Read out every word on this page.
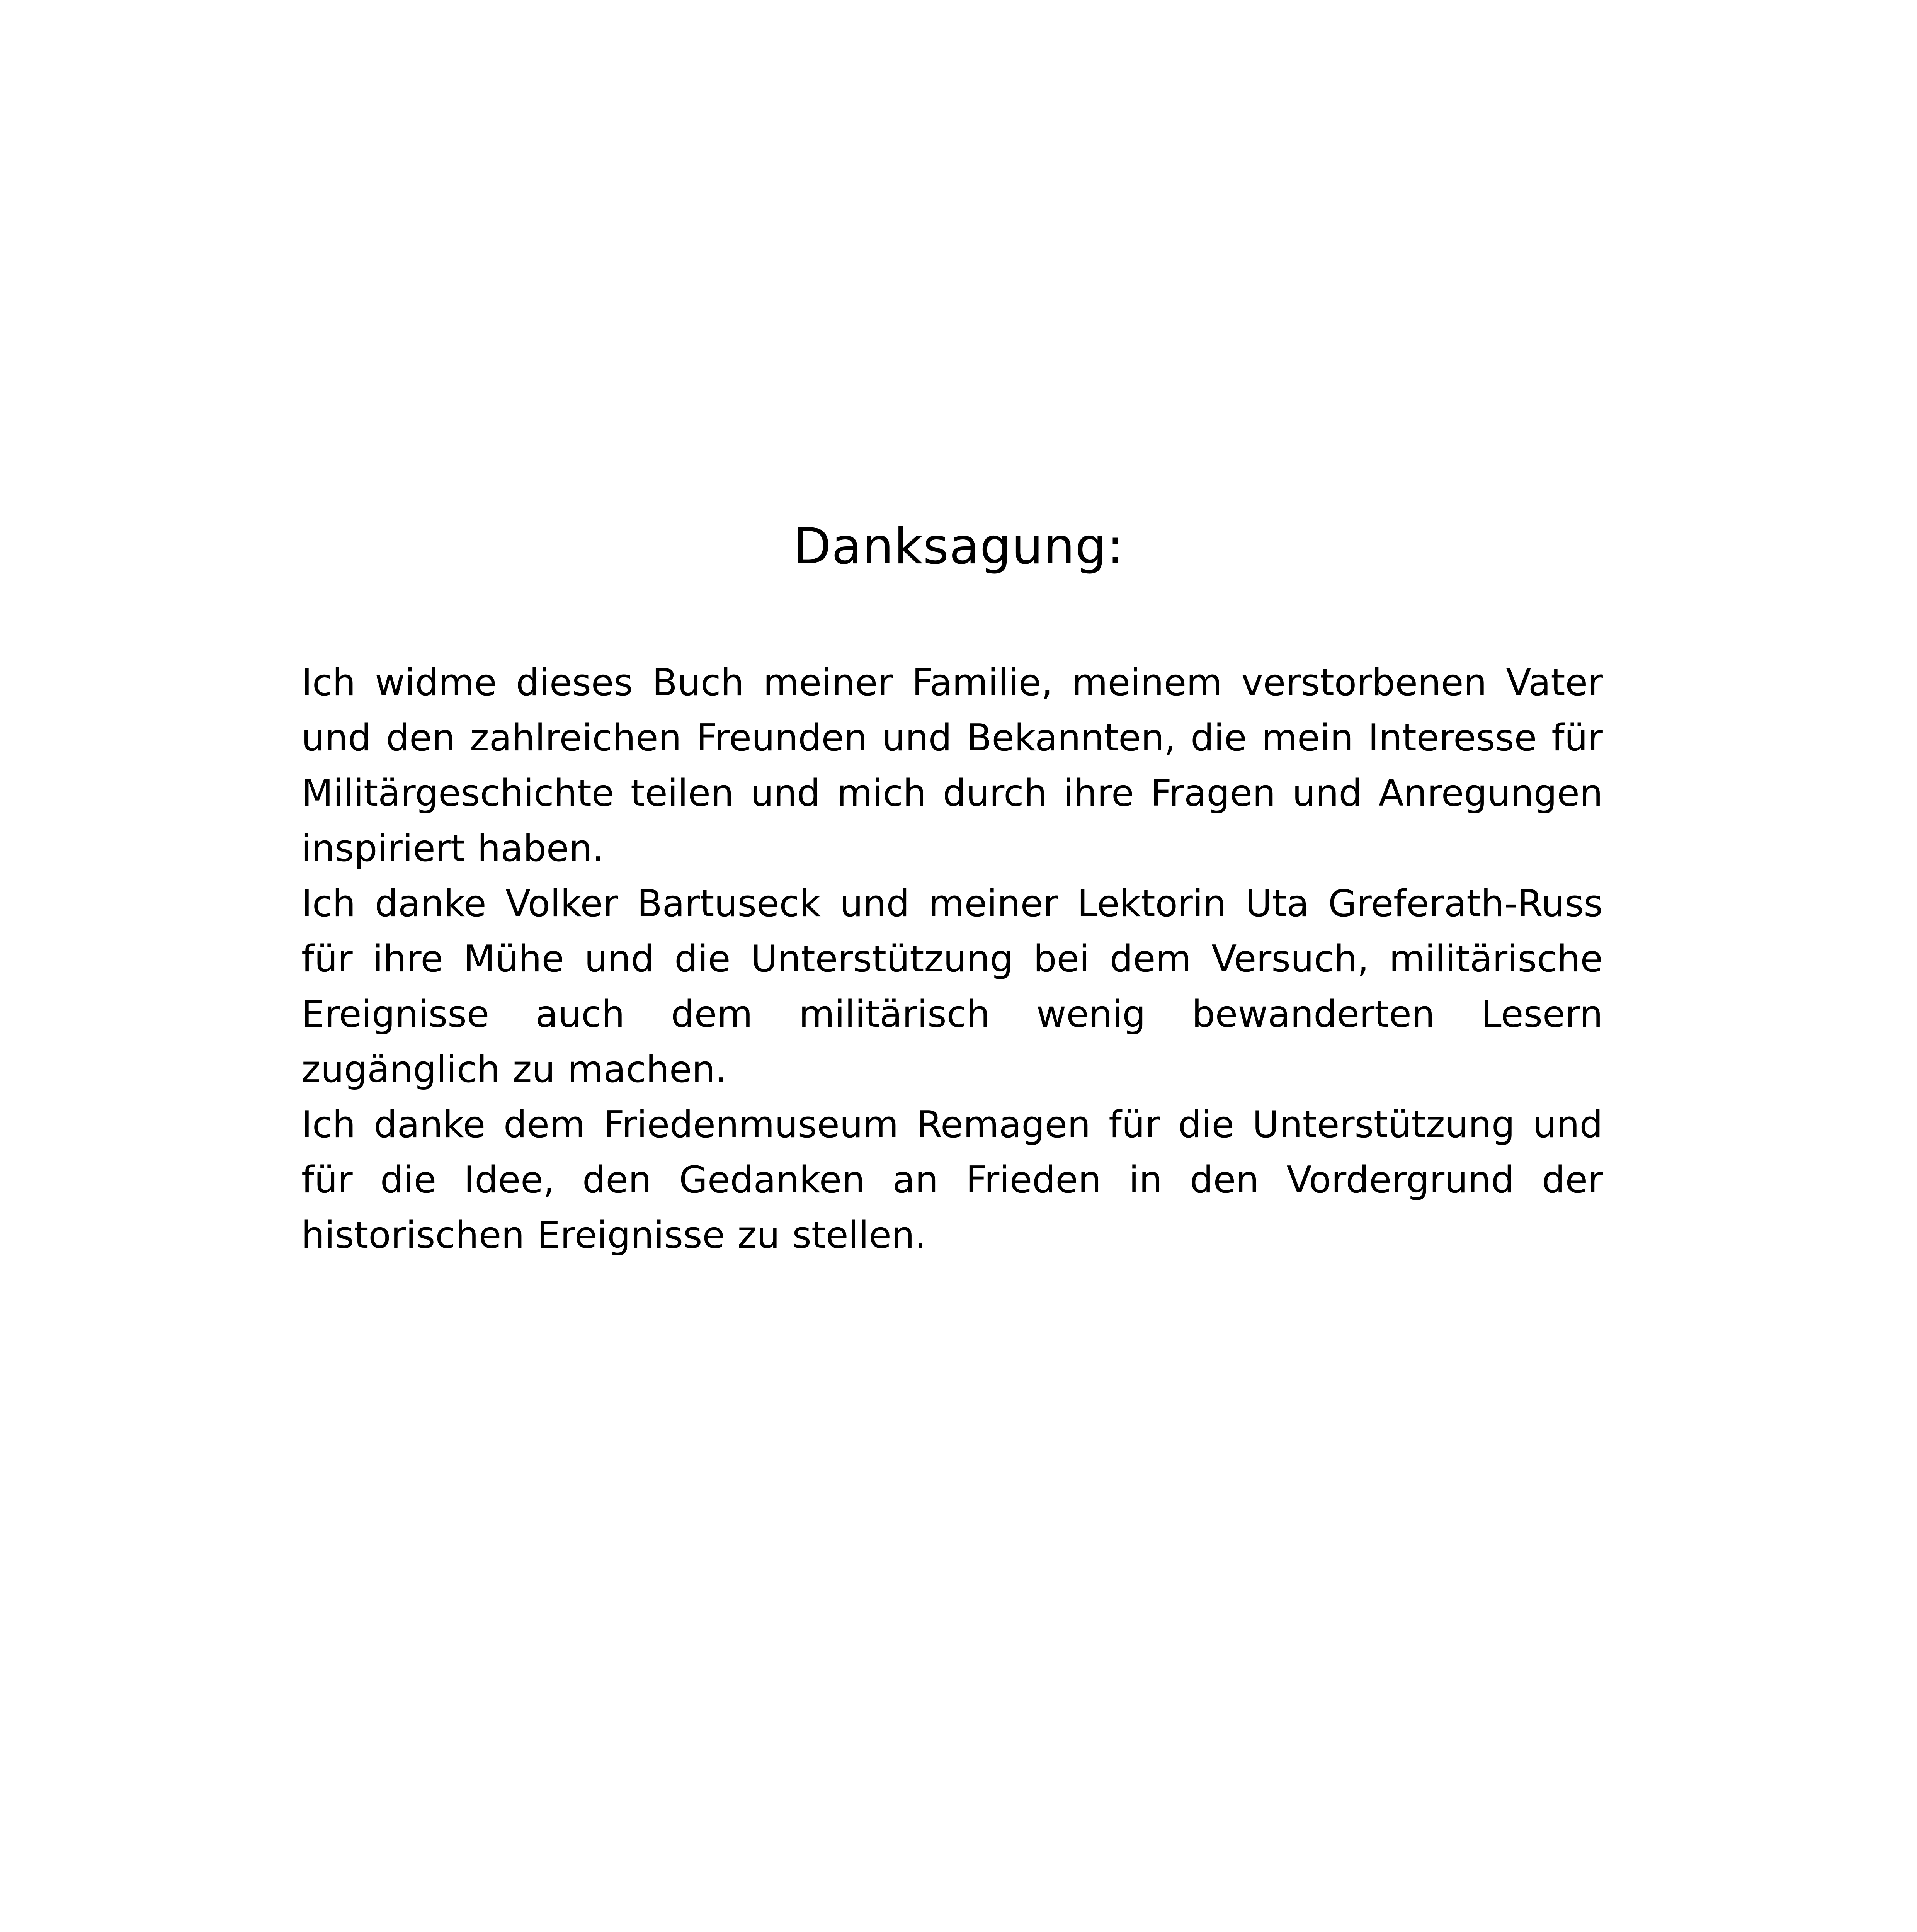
Danksagung:

Ich widme dieses Buch meiner Familie, meinem verstorbenen Vater und den zahlreichen Freunden und Bekannten, die mein Interesse für Militärgeschichte teilen und mich durch ihre Fragen und Anregungen inspiriert haben.

Ich danke Volker Bartuseck und meiner Lektorin Uta Greferath-Russ für ihre Mühe und die Unterstützung bei dem Versuch, militärische Ereignisse auch dem militärisch wenig bewanderten Lesern zugänglich zu machen.

Ich danke dem Friedenmuseum Remagen für die Unterstützung und für die Idee, den Gedanken an Frieden in den Vordergrund der historischen Ereignisse zu stellen.
